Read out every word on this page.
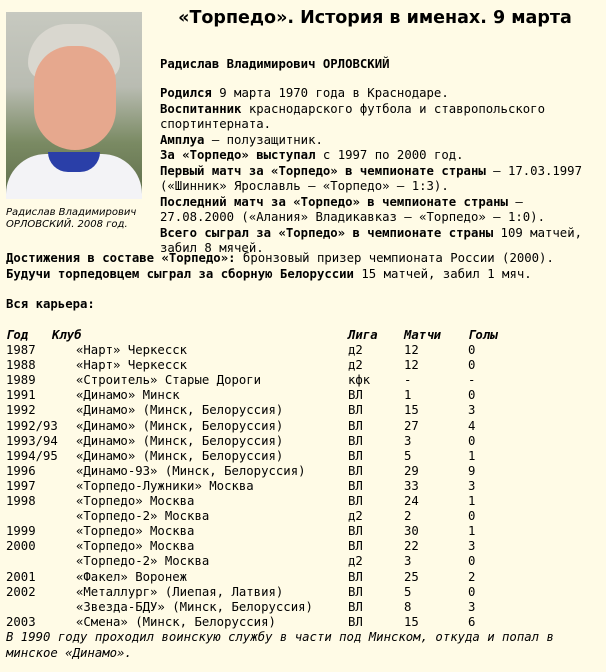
Радислав Владимирович ОРЛОВСКИЙ. 2008 год.
«Торпедо». История в именах. 9 марта
Радислав Владимирович ОРЛОВСКИЙ

Родился 9 марта 1970 года в Краснодаре.

Воспитанник краснодарского футбола и ставропольского спортинтерната.

Амплуа – полузащитник.

За «Торпедо» выступал с 1997 по 2000 год.

Первый матч за «Торпедо» в чемпионате страны – 17.03.1997 («Шинник» Ярославль – «Торпедо» – 1:3).

Последний матч за «Торпедо» в чемпионате страны – 27.08.2000 («Алания» Владикавказ – «Торпедо» – 1:0).

Всего сыграл за «Торпедо» в чемпионате страны 109 матчей, забил 8 мячей.

Достижения в составе «Торпедо»: бронзовый призер чемпионата России (2000).

Будучи торпедовцем сыграл за сборную Белоруссии 15 матчей, забил 1 мяч.

Вся карьера:
Год Клуб	Лига Матчи Голы
1987	«Нарт» Черкесск	д2	12	0
1988	«Нарт» Черкесск	д2	12	0
1989	«Строитель» Старые Дороги	кфк	-	-
1991	«Динамо» Минск	ВЛ	1	0
1992	«Динамо» (Минск, Белоруссия)	ВЛ	15	3
1992/93 «Динамо» (Минск, Белоруссия)	ВЛ	27	4
1993/94 «Динамо» (Минск, Белоруссия)	ВЛ	3	0
1994/95 «Динамо» (Минск, Белоруссия)	ВЛ	5	1
1996	«Динамо-93» (Минск, Белоруссия)	ВЛ	29	9
1997	«Торпедо-Лужники» Москва	ВЛ	33	3
1998	«Торпедо» Москва	ВЛ	24	1
«Торпедо-2» Москва	д2	2	0
1999	«Торпедо» Москва	ВЛ	30	1
2000	«Торпедо» Москва	ВЛ	22	3
«Торпедо-2» Москва	д2	3	0
2001	«Факел» Воронеж	ВЛ	25	2
2002	«Металлург» (Лиепая, Латвия)	ВЛ	5	0
«Звезда-БДУ» (Минск, Белоруссия)	ВЛ	8	3
2003	«Смена» (Минск, Белоруссия)	ВЛ	15	6
В 1990 году проходил воинскую службу в части под Минском, откуда и попал в минское «Динамо».
